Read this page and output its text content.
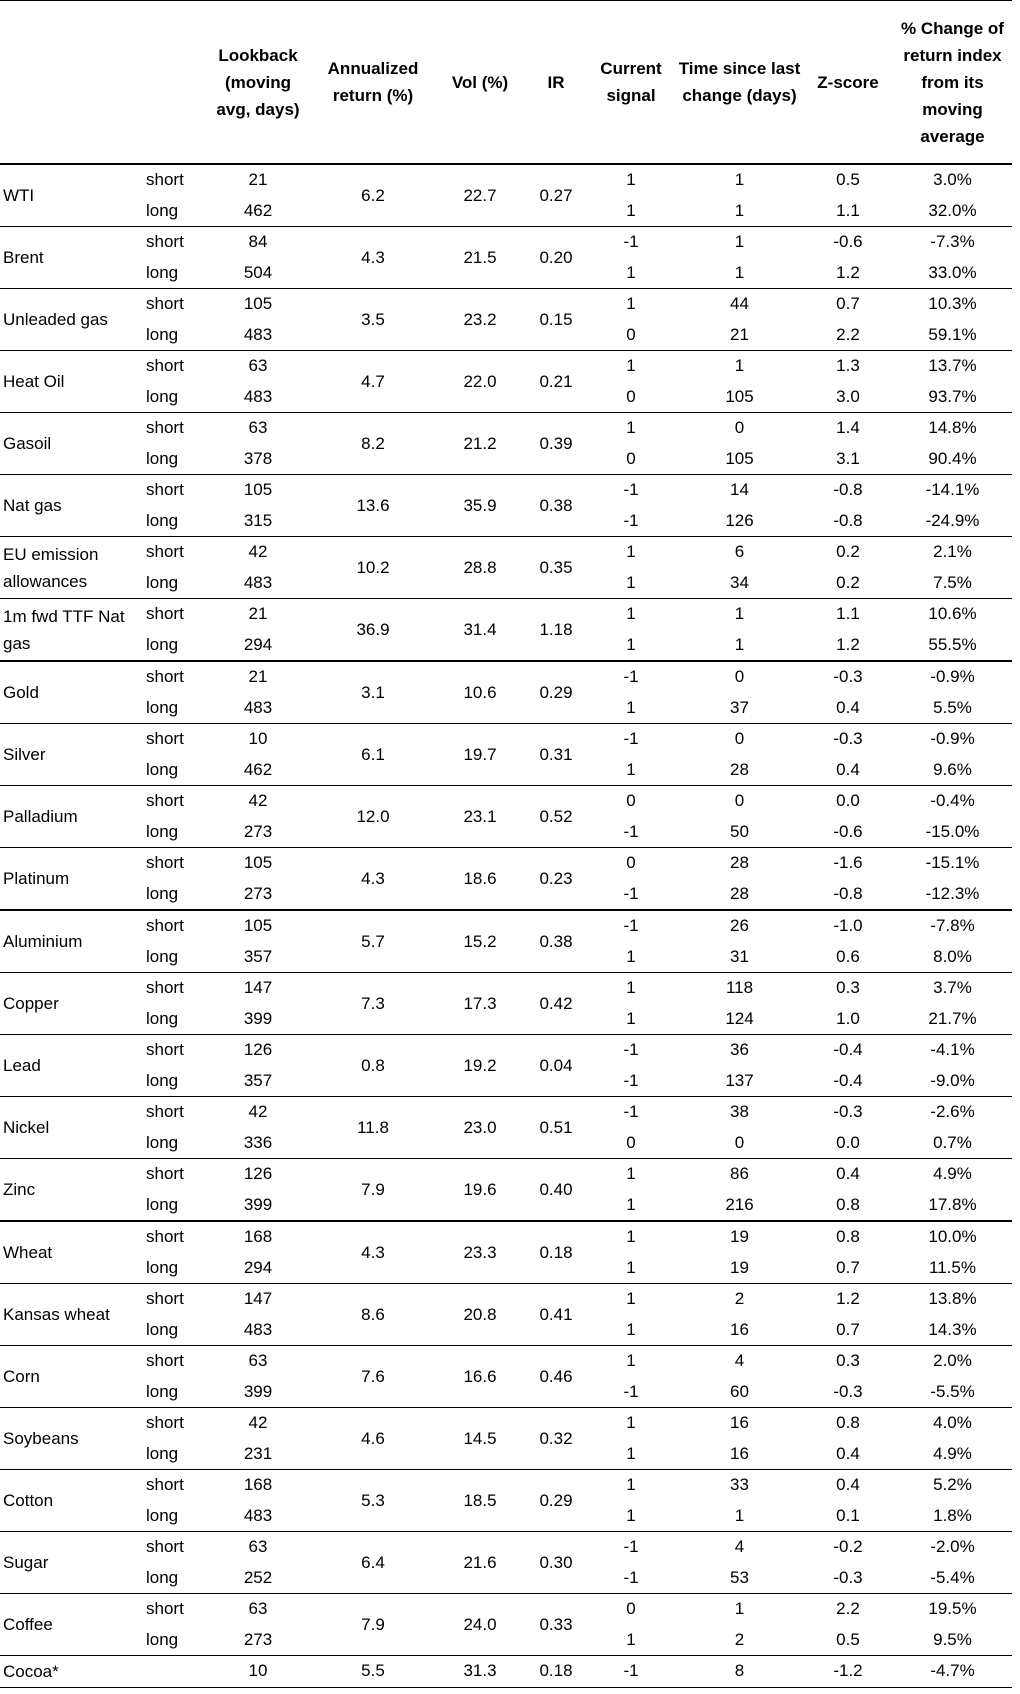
		Lookback (moving avg, days)	Annualized return (%)	Vol (%)	IR	Current signal	Time since last change (days)	Z-score	% Change of return index from its moving average
WTI	short	21	6.2	22.7	0.27	1	1	0.5	3.0%
	long	462				1	1	1.1	32.0%
Brent	short	84	4.3	21.5	0.20	-1	1	-0.6	-7.3%
	long	504				1	1	1.2	33.0%
Unleaded gas	short	105	3.5	23.2	0.15	1	44	0.7	10.3%
	long	483				0	21	2.2	59.1%
Heat Oil	short	63	4.7	22.0	0.21	1	1	1.3	13.7%
	long	483				0	105	3.0	93.7%
Gasoil	short	63	8.2	21.2	0.39	1	0	1.4	14.8%
	long	378				0	105	3.1	90.4%
Nat gas	short	105	13.6	35.9	0.38	-1	14	-0.8	-14.1%
	long	315				-1	126	-0.8	-24.9%
EU emission allowances	short	42	10.2	28.8	0.35	1	6	0.2	2.1%
	long	483				1	34	0.2	7.5%
1m fwd TTF Nat gas	short	21	36.9	31.4	1.18	1	1	1.1	10.6%
	long	294				1	1	1.2	55.5%
Gold	short	21	3.1	10.6	0.29	-1	0	-0.3	-0.9%
	long	483				1	37	0.4	5.5%
Silver	short	10	6.1	19.7	0.31	-1	0	-0.3	-0.9%
	long	462				1	28	0.4	9.6%
Palladium	short	42	12.0	23.1	0.52	0	0	0.0	-0.4%
	long	273				-1	50	-0.6	-15.0%
Platinum	short	105	4.3	18.6	0.23	0	28	-1.6	-15.1%
	long	273				-1	28	-0.8	-12.3%
Aluminium	short	105	5.7	15.2	0.38	-1	26	-1.0	-7.8%
	long	357				1	31	0.6	8.0%
Copper	short	147	7.3	17.3	0.42	1	118	0.3	3.7%
	long	399				1	124	1.0	21.7%
Lead	short	126	0.8	19.2	0.04	-1	36	-0.4	-4.1%
	long	357				-1	137	-0.4	-9.0%
Nickel	short	42	11.8	23.0	0.51	-1	38	-0.3	-2.6%
	long	336				0	0	0.0	0.7%
Zinc	short	126	7.9	19.6	0.40	1	86	0.4	4.9%
	long	399				1	216	0.8	17.8%
Wheat	short	168	4.3	23.3	0.18	1	19	0.8	10.0%
	long	294				1	19	0.7	11.5%
Kansas wheat	short	147	8.6	20.8	0.41	1	2	1.2	13.8%
	long	483				1	16	0.7	14.3%
Corn	short	63	7.6	16.6	0.46	1	4	0.3	2.0%
	long	399				-1	60	-0.3	-5.5%
Soybeans	short	42	4.6	14.5	0.32	1	16	0.8	4.0%
	long	231				1	16	0.4	4.9%
Cotton	short	168	5.3	18.5	0.29	1	33	0.4	5.2%
	long	483				1	1	0.1	1.8%
Sugar	short	63	6.4	21.6	0.30	-1	4	-0.2	-2.0%
	long	252				-1	53	-0.3	-5.4%
Coffee	short	63	7.9	24.0	0.33	0	1	2.2	19.5%
	long	273				1	2	0.5	9.5%
Cocoa*		10	5.5	31.3	0.18	-1	8	-1.2	-4.7%
